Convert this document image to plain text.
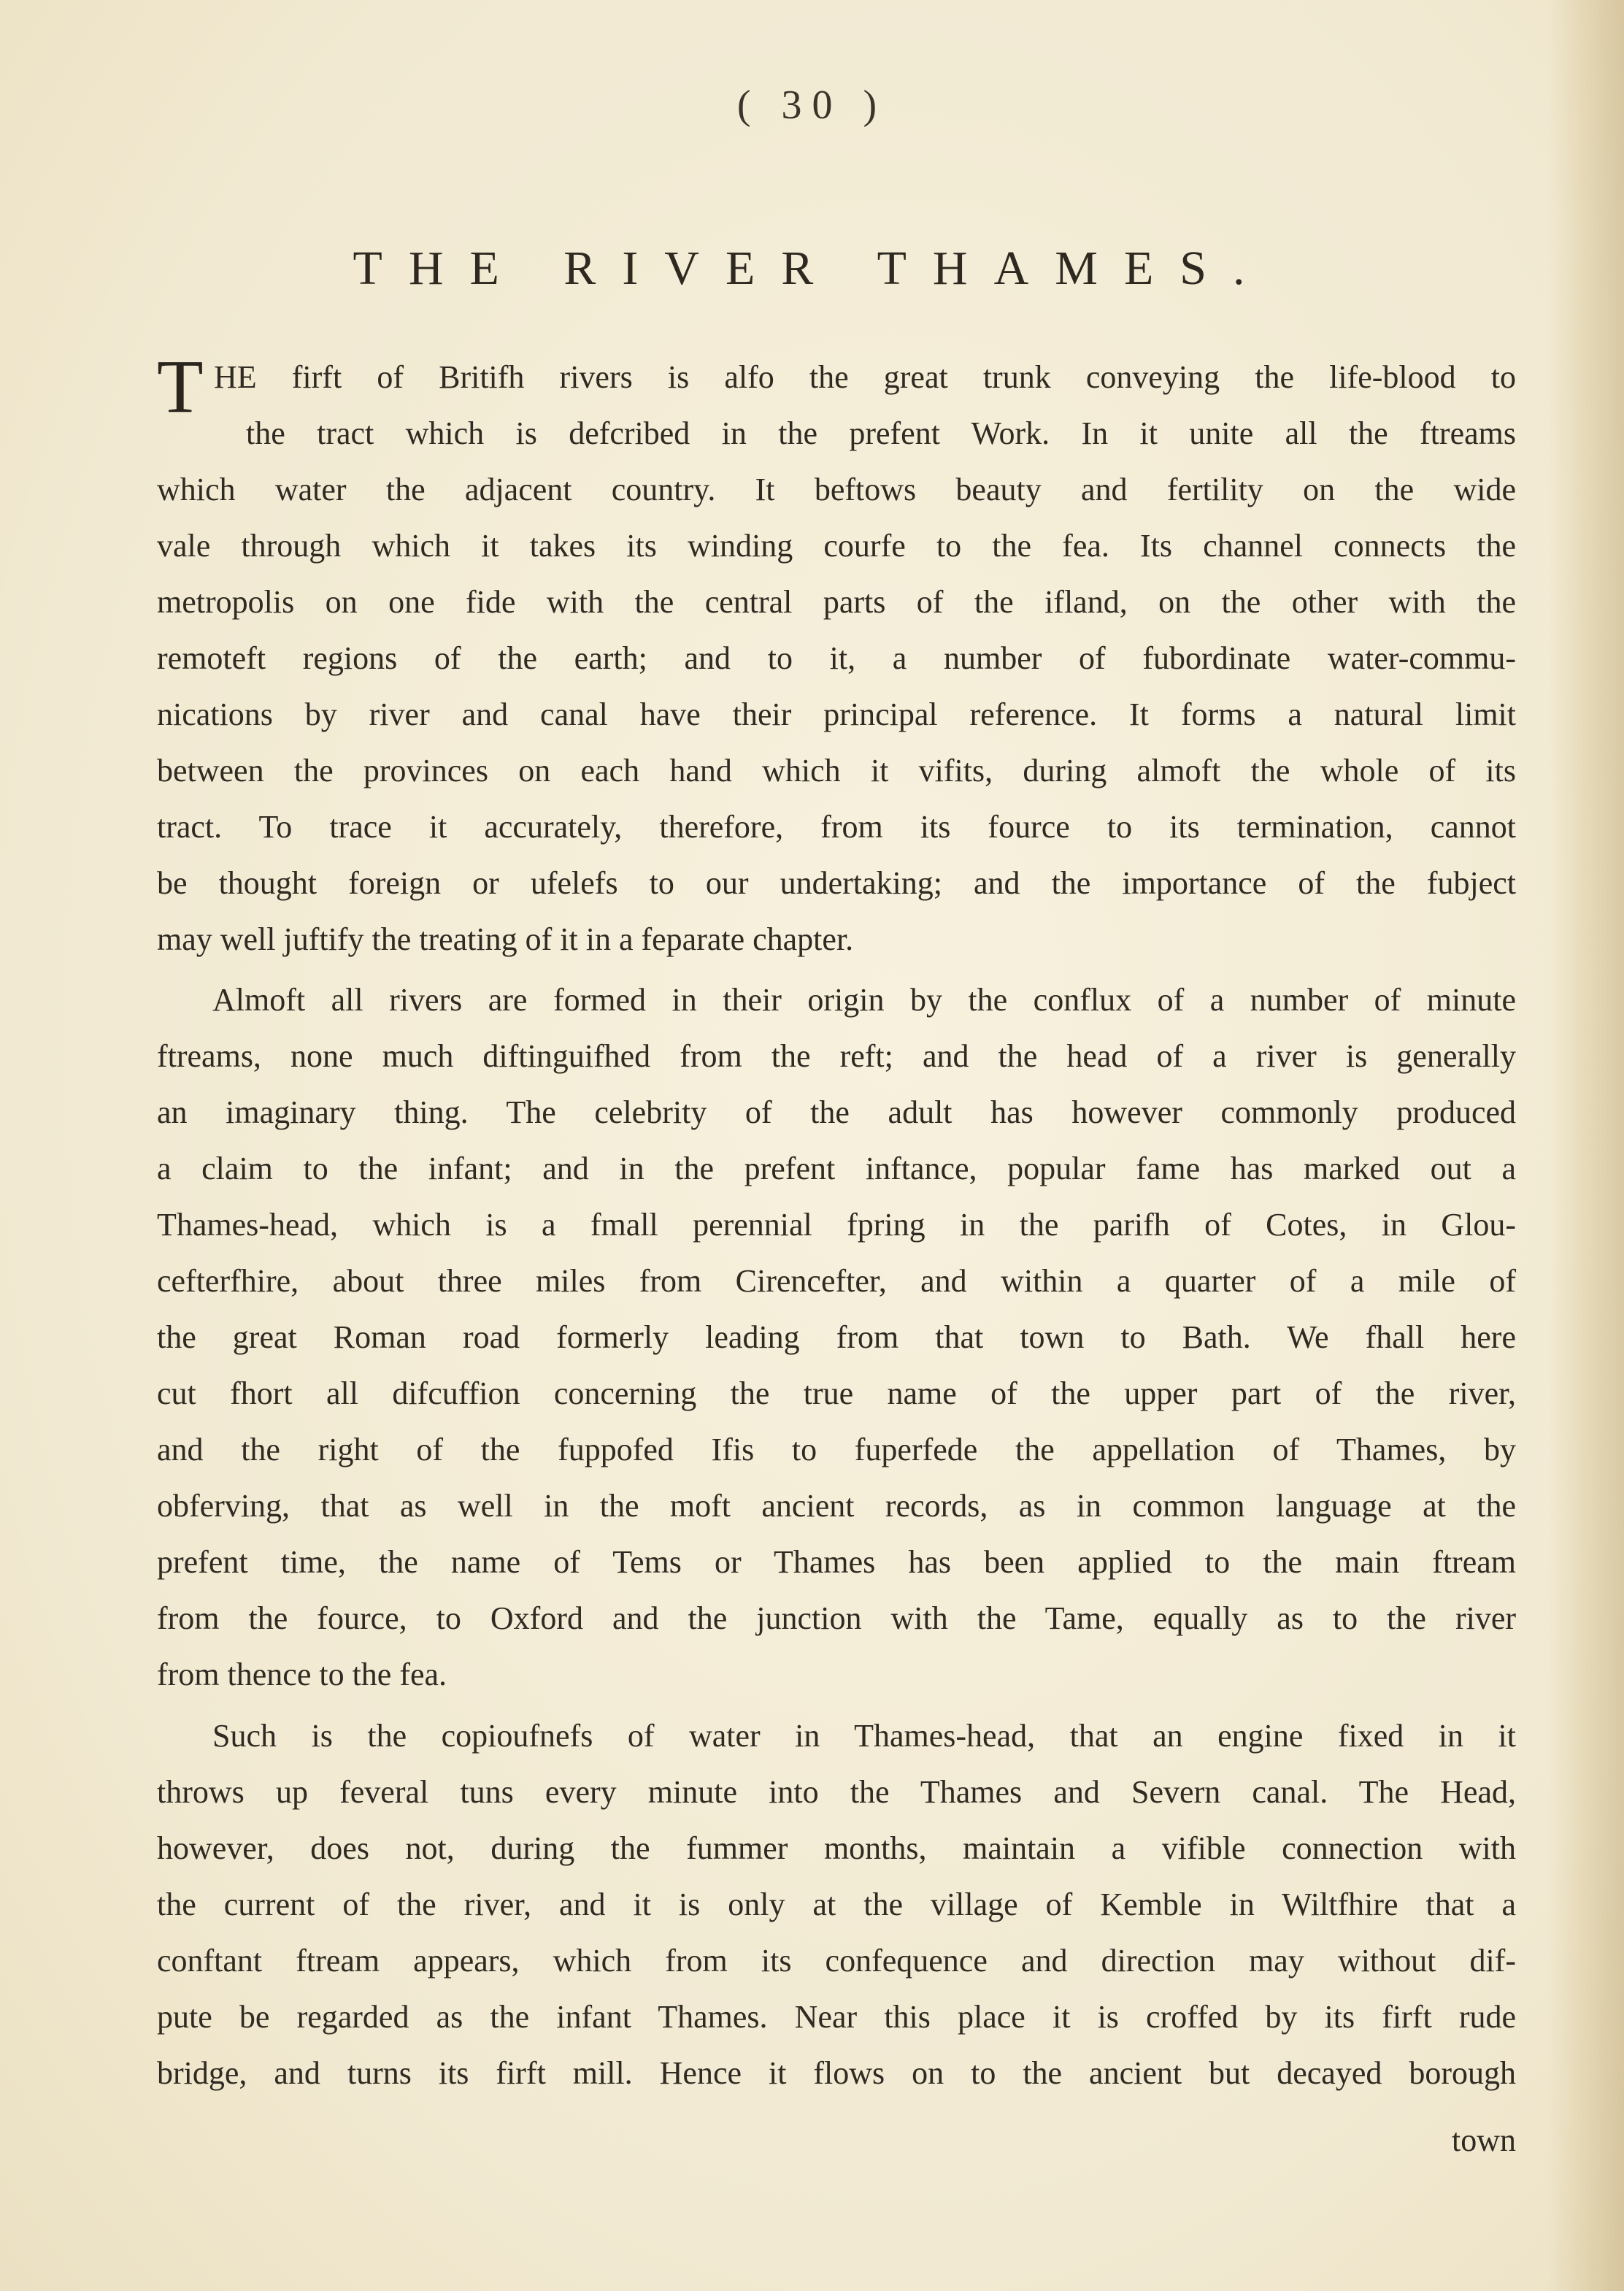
( 30 )
THE RIVER THAMES.
T HE firft of Britifh rivers is alfo the great trunk conveying the life-blood to
the tract which is defcribed in the prefent Work. In it unite all the ftreams
which water the adjacent country. It beftows beauty and fertility on the wide
vale through which it takes its winding courfe to the fea. Its channel connects the
metropolis on one fide with the central parts of the ifland, on the other with the
remoteft regions of the earth; and to it, a number of fubordinate water-commu-
nications by river and canal have their principal reference. It forms a natural limit
between the provinces on each hand which it vifits, during almoft the whole of its
tract. To trace it accurately, therefore, from its fource to its termination, cannot
be thought foreign or ufelefs to our undertaking; and the importance of the fubject
may well juftify the treating of it in a feparate chapter.
Almoft all rivers are formed in their origin by the conflux of a number of minute
ftreams, none much diftinguifhed from the reft; and the head of a river is generally
an imaginary thing. The celebrity of the adult has however commonly produced
a claim to the infant; and in the prefent inftance, popular fame has marked out a
Thames-head, which is a fmall perennial fpring in the parifh of Cotes, in Glou-
cefterfhire, about three miles from Cirencefter, and within a quarter of a mile of
the great Roman road formerly leading from that town to Bath. We fhall here
cut fhort all difcuffion concerning the true name of the upper part of the river,
and the right of the fuppofed Ifis to fuperfede the appellation of Thames, by
obferving, that as well in the moft ancient records, as in common language at the
prefent time, the name of Tems or Thames has been applied to the main ftream
from the fource, to Oxford and the junction with the Tame, equally as to the river
from thence to the fea.
Such is the copioufnefs of water in Thames-head, that an engine fixed in it
throws up feveral tuns every minute into the Thames and Severn canal. The Head,
however, does not, during the fummer months, maintain a vifible connection with
the current of the river, and it is only at the village of Kemble in Wiltfhire that a
conftant ftream appears, which from its confequence and direction may without dif-
pute be regarded as the infant Thames. Near this place it is croffed by its firft rude
bridge, and turns its firft mill. Hence it flows on to the ancient but decayed borough
town
